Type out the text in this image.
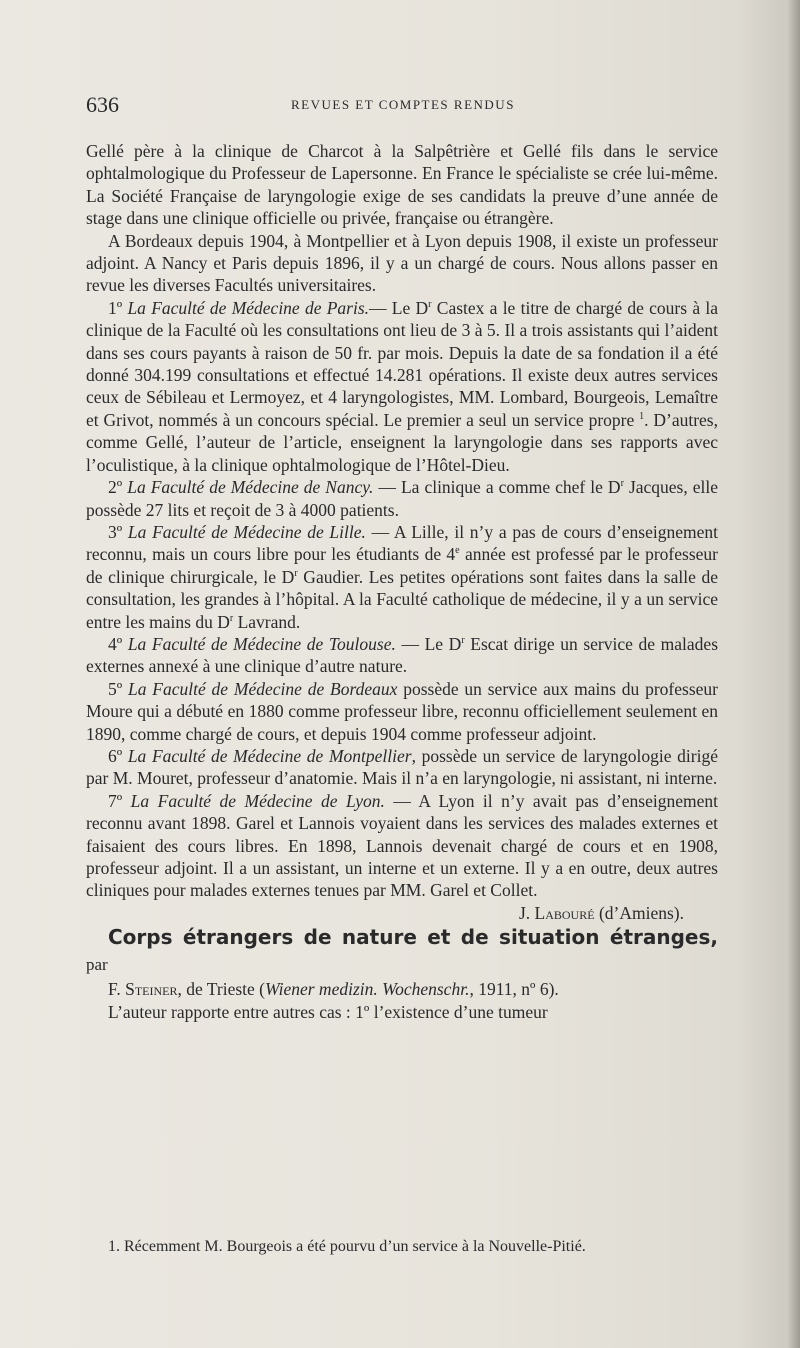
636	REVUES ET COMPTES RENDUS

Gellé père à la clinique de Charcot à la Salpêtrière et Gellé fils dans le service ophtalmologique du Professeur de Lapersonne. En France le spécialiste se crée lui-même. La Société Française de laryngologie exige de ses candidats la preuve d’une année de stage dans une clinique officielle ou privée, française ou étrangère.

A Bordeaux depuis 1904, à Montpellier et à Lyon depuis 1908, il existe un professeur adjoint. A Nancy et Paris depuis 1896, il y a un chargé de cours. Nous allons passer en revue les diverses Facultés universitaires.

1º La Faculté de Médecine de Paris.— Le $D^r$ Castex a le titre de chargé de cours à la clinique de la Faculté où les consultations ont lieu de 3 à 5. Il a trois assistants qui l’aident dans ses cours payants à raison de 50 fr. par mois. Depuis la date de sa fondation il a été donné 304.199 consultations et effectué 14.281 opérations. Il existe deux autres services ceux de Sébileau et Lermoyez, et 4 laryngologistes, MM. Lombard, Bourgeois, Lemaître et Grivot, nommés à un concours spécial. Le premier a seul un service propre $^1$. D’autres, comme Gellé, l’auteur de l’article, enseignent la laryngologie dans ses rapports avec l’oculistique, à la clinique ophtalmologique de l’Hôtel-Dieu.

2º La Faculté de Médecine de Nancy. — La clinique a comme chef le $D^r$ Jacques, elle possède 27 lits et reçoit de 3 à 4000 patients.

3º La Faculté de Médecine de Lille. — A Lille, il n’y a pas de cours d’enseignement reconnu, mais un cours libre pour les étudiants de 4e année est professé par le professeur de clinique chirurgicale, le $D^r$ Gaudier. Les petites opérations sont faites dans la salle de consultation, les grandes à l’hôpital. A la Faculté catholique de médecine, il y a un service entre les mains du $D^r$ Lavrand.

4º La Faculté de Médecine de Toulouse. — Le $D^r$ Escat dirige un service de malades externes annexé à une clinique d’autre nature.

5º La Faculté de Médecine de Bordeaux possède un service aux mains du professeur Moure qui a débuté en 1880 comme professeur libre, reconnu officiellement seulement en 1890, comme chargé de cours, et depuis 1904 comme professeur adjoint.

6º La Faculté de Médecine de Montpellier, possède un service de laryngologie dirigé par M. Mouret, professeur d’anatomie. Mais il n’a en laryngologie, ni assistant, ni interne.

7º La Faculté de Médecine de Lyon. — A Lyon il n’y avait pas d’enseignement reconnu avant 1898. Garel et Lannois voyaient dans les services des malades externes et faisaient des cours libres. En 1898, Lannois devenait chargé de cours et en 1908, professeur adjoint. Il a un assistant, un interne et un externe. Il y a en outre, deux autres cliniques pour malades externes tenues par MM. Garel et Collet.

J. Labouré (d’Amiens).

Corps étrangers de nature et de situation étranges, par

F. Steiner, de Trieste (Wiener medizin. Wochenschr., 1911, nº 6).

L’auteur rapporte entre autres cas : 1º l’existence d’une tumeur

1. Récemment M. Bourgeois a été pourvu d’un service à la Nouvelle-Pitié.
